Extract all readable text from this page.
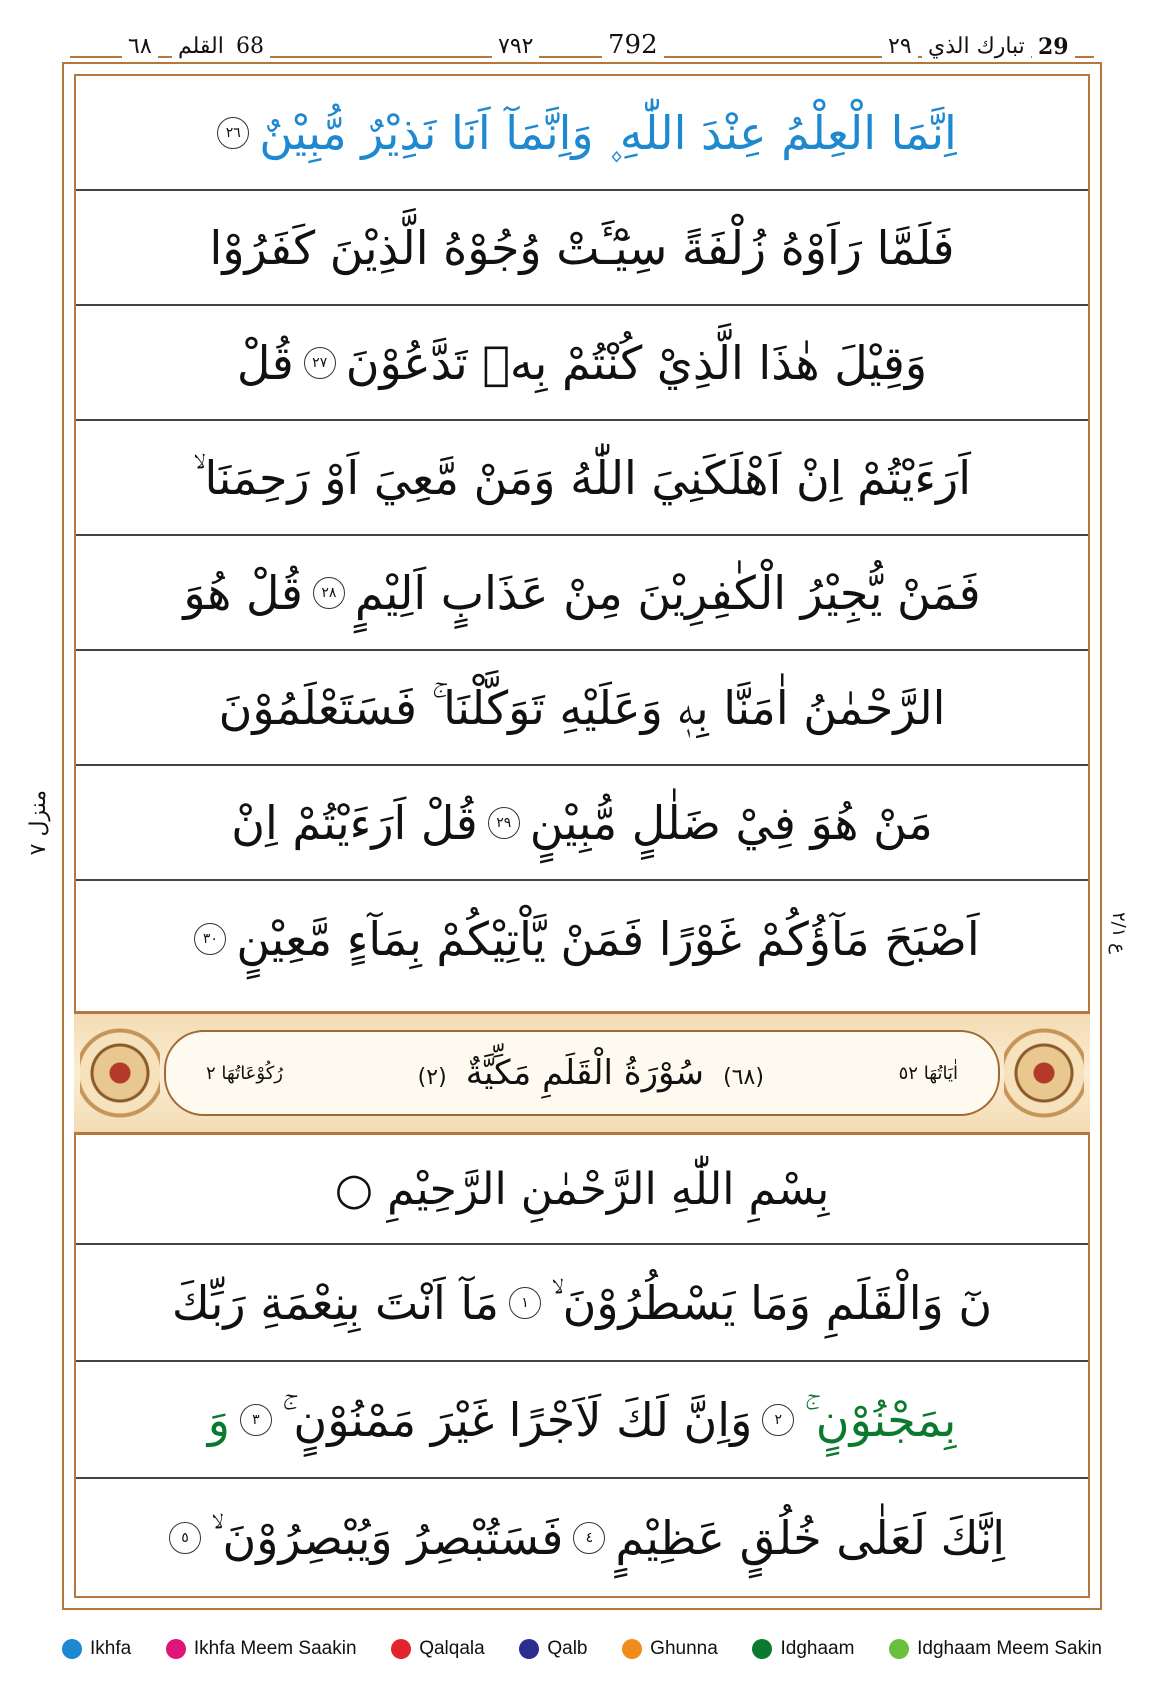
٦٨ القلم 68	٧٩٢	792	٢٩ تبارك الذي 29
منزل ٧
ع ٢/١
اِنَّمَا الْعِلْمُ عِنْدَ اللّٰهِ ۪ وَاِنَّمَآ اَنَا نَذِيْرٌ مُّبِيْنٌ
٢٦
فَلَمَّا رَاَوْهُ زُلْفَةً سِيْٓـَٔتْ وُجُوْهُ الَّذِيْنَ كَفَرُوْا
وَقِيْلَ هٰذَا الَّذِيْ كُنْتُمْ بِهٖ تَدَّعُوْنَ
٢٧
قُلْ
اَرَءَيْتُمْ اِنْ اَهْلَكَنِيَ اللّٰهُ وَمَنْ مَّعِيَ اَوْ رَحِمَنَا ۙ
فَمَنْ يُّجِيْرُ الْكٰفِرِيْنَ مِنْ عَذَابٍ اَلِيْمٍ
٢٨
قُلْ هُوَ
الرَّحْمٰنُ اٰمَنَّا بِهٖ وَعَلَيْهِ تَوَكَّلْنَا ۚ فَسَتَعْلَمُوْنَ
مَنْ هُوَ فِيْ ضَلٰلٍ مُّبِيْنٍ
٢٩
قُلْ اَرَءَيْتُمْ اِنْ
اَصْبَحَ مَآؤُكُمْ غَوْرًا فَمَنْ يَّاْتِيْكُمْ بِمَآءٍ مَّعِيْنٍ
٣٠
اٰيَاتُهَا ٥٢
(٦٨) سُوْرَةُ الْقَلَمِ مَكِّيَّةٌ (٢)
رُكُوْعَاتُهَا ٢
بِسْمِ اللّٰهِ الرَّحْمٰنِ الرَّحِيْمِ ○
نٓ وَالْقَلَمِ وَمَا يَسْطُرُوْنَ ۙ
١
مَآ اَنْتَ بِنِعْمَةِ رَبِّكَ
بِمَجْنُوْنٍ ۚ
٢
وَاِنَّ لَكَ لَاَجْرًا غَيْرَ مَمْنُوْنٍ ۚ
٣
وَ
اِنَّكَ لَعَلٰى خُلُقٍ عَظِيْمٍ
٤
فَسَتُبْصِرُ وَيُبْصِرُوْنَ ۙ
٥
Ikhfa	Ikhfa Meem Saakin	Qalqala	Qalb	Ghunna	Idghaam	Idghaam Meem Sakin
